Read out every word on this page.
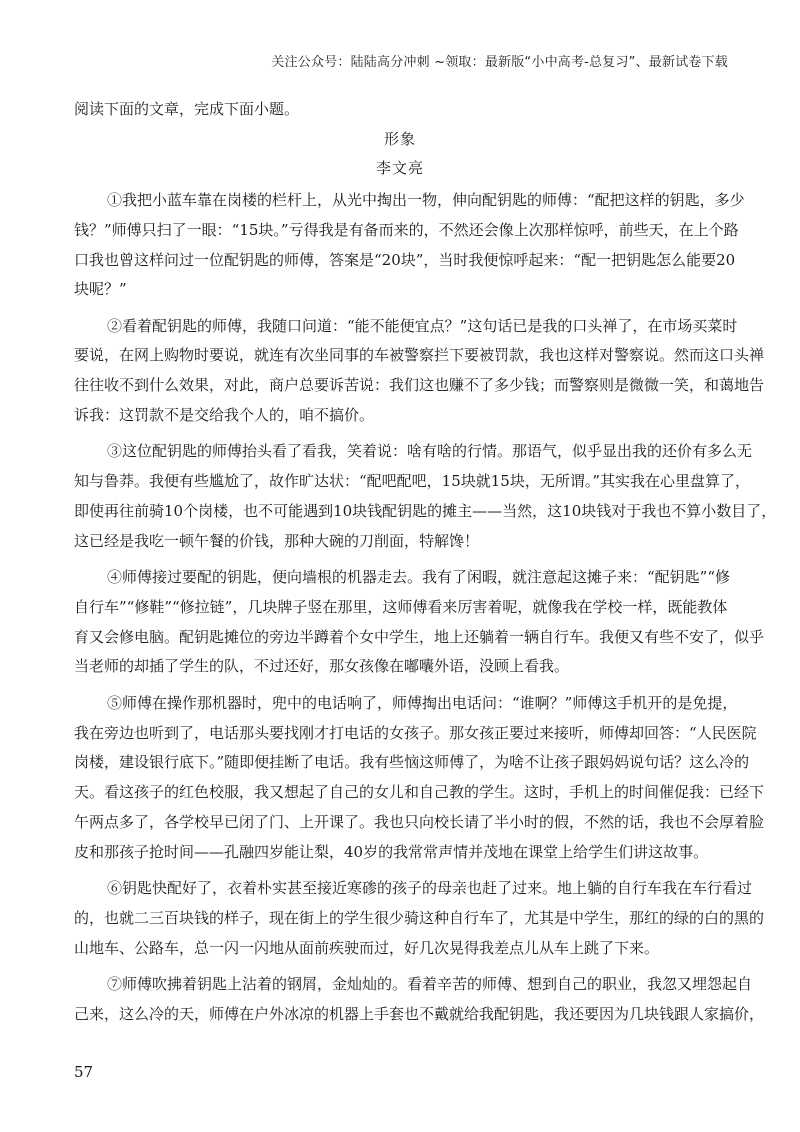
关注公众号：陆陆高分冲刺 ~领取：最新版“小中高考-总复习”、最新试卷下载
阅读下面的文章，完成下面小题。
形象
李文亮
①我把小蓝车靠在岗楼的栏杆上，从光中掏出一物，伸向配钥匙的师傅：“配把这样的钥匙，多少
钱？”师傅只扫了一眼：“15块。”亏得我是有备而来的，不然还会像上次那样惊呼，前些天，在上个路
口我也曾这样问过一位配钥匙的师傅，答案是“20块”，当时我便惊呼起来：“配一把钥匙怎么能要20
块呢？”
②看着配钥匙的师傅，我随口问道：“能不能便宜点？”这句话已是我的口头禅了，在市场买菜时
要说，在网上购物时要说，就连有次坐同事的车被警察拦下要被罚款，我也这样对警察说。然而这口头禅
往往收不到什么效果，对此，商户总要诉苦说：我们这也赚不了多少钱；而警察则是微微一笑，和蔼地告
诉我：这罚款不是交给我个人的，咱不搞价。
③这位配钥匙的师傅抬头看了看我，笑着说：啥有啥的行情。那语气，似乎显出我的还价有多么无
知与鲁莽。我便有些尴尬了，故作旷达状：“配吧配吧，15块就15块，无所谓。”其实我在心里盘算了，
即使再往前骑10个岗楼，也不可能遇到10块钱配钥匙的摊主——当然，这10块钱对于我也不算小数目了，
这已经是我吃一顿午餐的价钱，那种大碗的刀削面，特解馋！
④师傅接过要配的钥匙，便向墙根的机器走去。我有了闲暇，就注意起这摊子来：“配钥匙”“修
自行车”“修鞋”“修拉链”，几块牌子竖在那里，这师傅看来厉害着呢，就像我在学校一样，既能教体
育又会修电脑。配钥匙摊位的旁边半蹲着个女中学生，地上还躺着一辆自行车。我便又有些不安了，似乎
当老师的却插了学生的队，不过还好，那女孩像在嘟囔外语，没顾上看我。
⑤师傅在操作那机器时，兜中的电话响了，师傅掏出电话问：“谁啊？”师傅这手机开的是免提，
我在旁边也听到了，电话那头要找刚才打电话的女孩子。那女孩正要过来接听，师傅却回答：“人民医院
岗楼，建设银行底下。”随即便挂断了电话。我有些恼这师傅了，为啥不让孩子跟妈妈说句话？这么冷的
天。看这孩子的红色校服，我又想起了自己的女儿和自己教的学生。这时，手机上的时间催促我：已经下
午两点多了，各学校早已闭了门、上开课了。我也只向校长请了半小时的假，不然的话，我也不会厚着脸
皮和那孩子抢时间——孔融四岁能让梨，40岁的我常常声情并茂地在课堂上给学生们讲这故事。
⑥钥匙快配好了，衣着朴实甚至接近寒碜的孩子的母亲也赶了过来。地上躺的自行车我在车行看过
的，也就二三百块钱的样子，现在街上的学生很少骑这种自行车了，尤其是中学生，那红的绿的白的黑的
山地车、公路车，总一闪一闪地从面前疾驶而过，好几次晃得我差点儿从车上跳了下来。
⑦师傅吹拂着钥匙上沾着的钢屑，金灿灿的。看着辛苦的师傅、想到自己的职业，我忽又埋怨起自
己来，这么冷的天，师傅在户外冰凉的机器上手套也不戴就给我配钥匙，我还要因为几块钱跟人家搞价，
57
